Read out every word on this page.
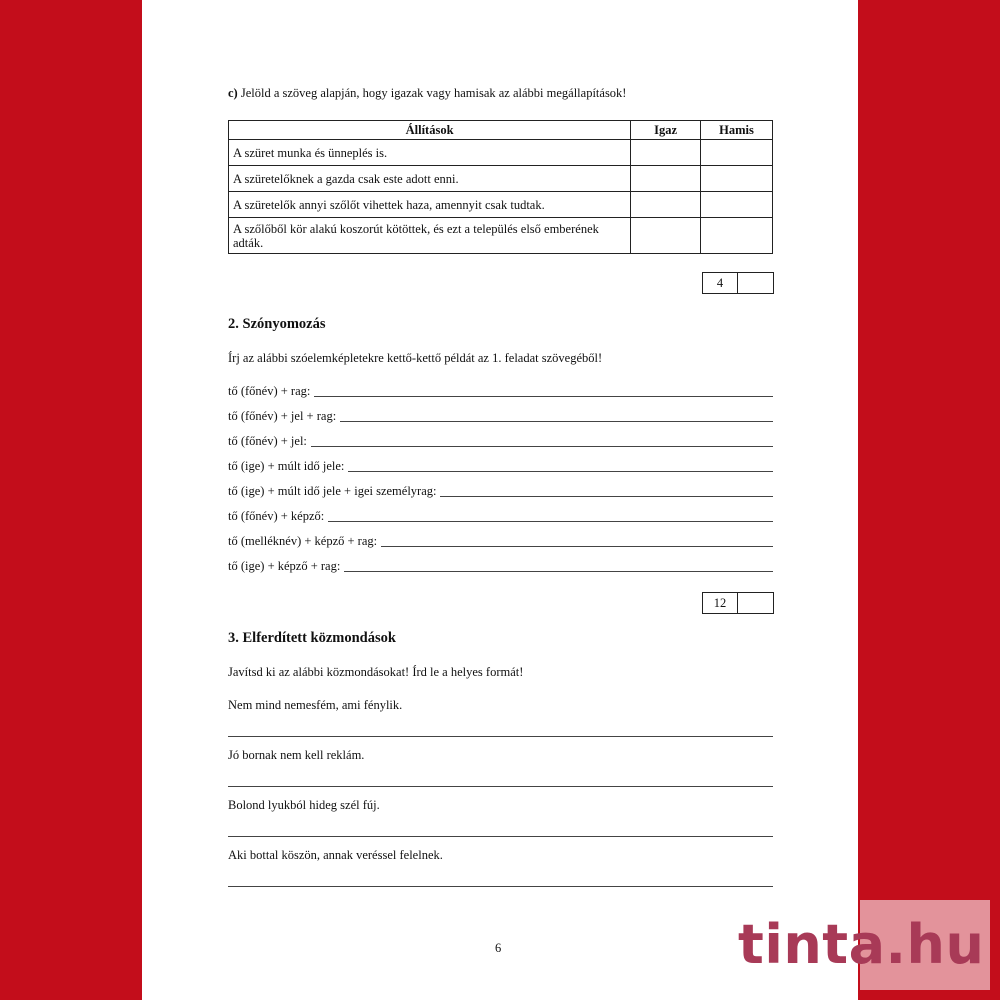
c) Jelöld a szöveg alapján, hogy igazak vagy hamisak az alábbi megállapítások!
Állítások	Igaz	Hamis
A szüret munka és ünneplés is.		
A szüretelőknek a gazda csak este adott enni.		
A szüretelők annyi szőlőt vihettek haza, amennyit csak tudtak.		
A szőlőből kör alakú koszorút kötöttek, és ezt a település első emberének adták.		
4
2. Szónyomozás
Írj az alábbi szóelemképletekre kettő-kettő példát az 1. feladat szövegéből!
tő (főnév) + rag:
tő (főnév) + jel + rag:
tő (főnév) + jel:
tő (ige) + múlt idő jele:
tő (ige) + múlt idő jele + igei személyrag:
tő (főnév) + képző:
tő (melléknév) + képző + rag:
tő (ige) + képző + rag:
12
3. Elferdített közmondások
Javítsd ki az alábbi közmondásokat! Írd le a helyes formát!
Nem mind nemesfém, ami fénylik.
Jó bornak nem kell reklám.
Bolond lyukból hideg szél fúj.
Aki bottal köszön, annak veréssel felelnek.
6	tinta.hu
